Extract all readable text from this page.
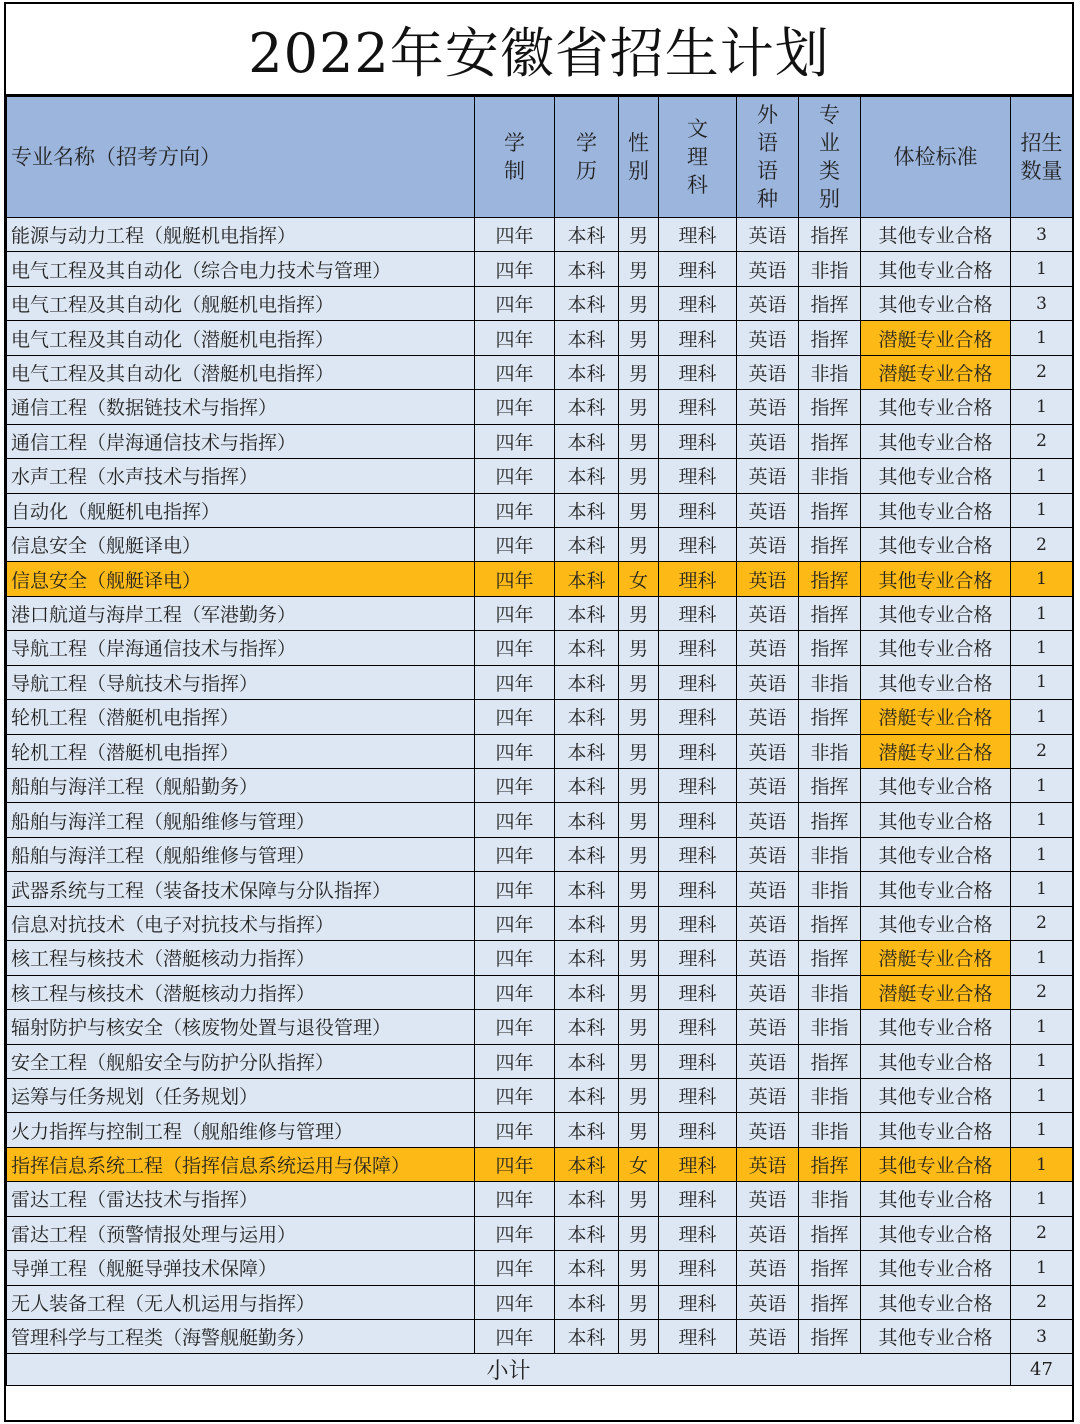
2022年安徽省招生计划
专业名称（招考方向）	学制	学历	性别	文理科	外语语种	专业类别	体检标准	招生数量
能源与动力工程（舰艇机电指挥）	四年	本科	男	理科	英语	指挥	其他专业合格	3
电气工程及其自动化（综合电力技术与管理）	四年	本科	男	理科	英语	非指	其他专业合格	1
电气工程及其自动化（舰艇机电指挥）	四年	本科	男	理科	英语	指挥	其他专业合格	3
电气工程及其自动化（潜艇机电指挥）	四年	本科	男	理科	英语	指挥	潜艇专业合格	1
电气工程及其自动化（潜艇机电指挥）	四年	本科	男	理科	英语	非指	潜艇专业合格	2
通信工程（数据链技术与指挥）	四年	本科	男	理科	英语	指挥	其他专业合格	1
通信工程（岸海通信技术与指挥）	四年	本科	男	理科	英语	指挥	其他专业合格	2
水声工程（水声技术与指挥）	四年	本科	男	理科	英语	非指	其他专业合格	1
自动化（舰艇机电指挥）	四年	本科	男	理科	英语	指挥	其他专业合格	1
信息安全（舰艇译电）	四年	本科	男	理科	英语	指挥	其他专业合格	2
信息安全（舰艇译电）	四年	本科	女	理科	英语	指挥	其他专业合格	1
港口航道与海岸工程（军港勤务）	四年	本科	男	理科	英语	指挥	其他专业合格	1
导航工程（岸海通信技术与指挥）	四年	本科	男	理科	英语	指挥	其他专业合格	1
导航工程（导航技术与指挥）	四年	本科	男	理科	英语	非指	其他专业合格	1
轮机工程（潜艇机电指挥）	四年	本科	男	理科	英语	指挥	潜艇专业合格	1
轮机工程（潜艇机电指挥）	四年	本科	男	理科	英语	非指	潜艇专业合格	2
船舶与海洋工程（舰船勤务）	四年	本科	男	理科	英语	指挥	其他专业合格	1
船舶与海洋工程（舰船维修与管理）	四年	本科	男	理科	英语	指挥	其他专业合格	1
船舶与海洋工程（舰船维修与管理）	四年	本科	男	理科	英语	非指	其他专业合格	1
武器系统与工程（装备技术保障与分队指挥）	四年	本科	男	理科	英语	非指	其他专业合格	1
信息对抗技术（电子对抗技术与指挥）	四年	本科	男	理科	英语	指挥	其他专业合格	2
核工程与核技术（潜艇核动力指挥）	四年	本科	男	理科	英语	指挥	潜艇专业合格	1
核工程与核技术（潜艇核动力指挥）	四年	本科	男	理科	英语	非指	潜艇专业合格	2
辐射防护与核安全（核废物处置与退役管理）	四年	本科	男	理科	英语	非指	其他专业合格	1
安全工程（舰船安全与防护分队指挥）	四年	本科	男	理科	英语	指挥	其他专业合格	1
运筹与任务规划（任务规划）	四年	本科	男	理科	英语	非指	其他专业合格	1
火力指挥与控制工程（舰船维修与管理）	四年	本科	男	理科	英语	非指	其他专业合格	1
指挥信息系统工程（指挥信息系统运用与保障）	四年	本科	女	理科	英语	指挥	其他专业合格	1
雷达工程（雷达技术与指挥）	四年	本科	男	理科	英语	非指	其他专业合格	1
雷达工程（预警情报处理与运用）	四年	本科	男	理科	英语	指挥	其他专业合格	2
导弹工程（舰艇导弹技术保障）	四年	本科	男	理科	英语	指挥	其他专业合格	1
无人装备工程（无人机运用与指挥）	四年	本科	男	理科	英语	指挥	其他专业合格	2
管理科学与工程类（海警舰艇勤务）	四年	本科	男	理科	英语	指挥	其他专业合格	3
小计								47
